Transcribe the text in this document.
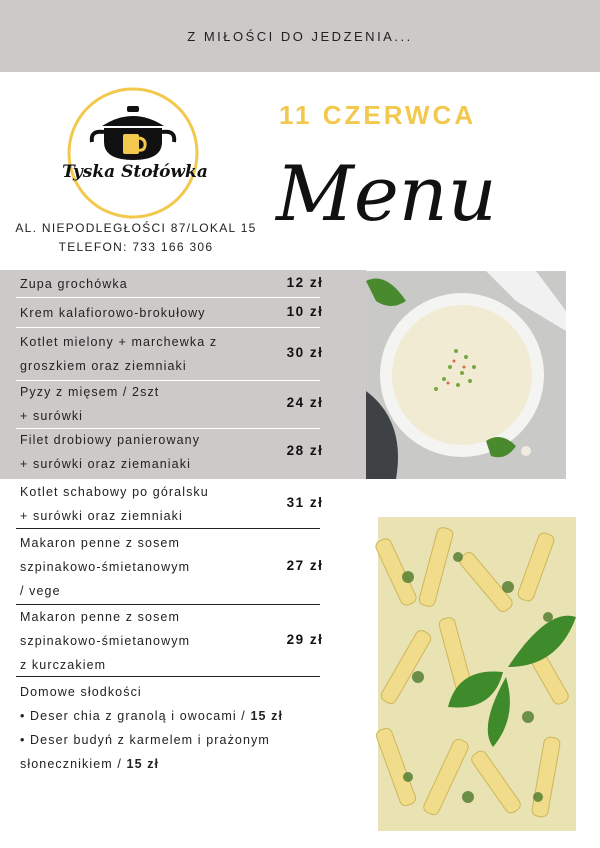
Z MIŁOŚCI DO JEDZENIA...
Tyska Stołówka
AL. NIEPODLEGŁOŚCI 87/LOKAL 15
TELEFON: 733 166 306
11 CZERWCA
Menu
Zupa grochówka	12 zł
Krem kalafiorowo-brokułowy	10 zł
Kotlet mielony + marchewka z
groszkiem oraz ziemniaki
30 zł
Pyzy z mięsem / 2szt
+ surówki
24 zł
Filet drobiowy panierowany
+ surówki oraz ziemaniaki
28 zł
Kotlet schabowy po góralsku
+ surówki oraz ziemniaki
31 zł
Makaron penne z sosem
szpinakowo-śmietanowym
/ vege
27 zł
Makaron penne z sosem
szpinakowo-śmietanowym
z kurczakiem
29 zł
Domowe słodkości
• Deser chia z granolą i owocami / 15 zł
• Deser budyń z karmelem i prażonym
słonecznikiem / 15 zł
